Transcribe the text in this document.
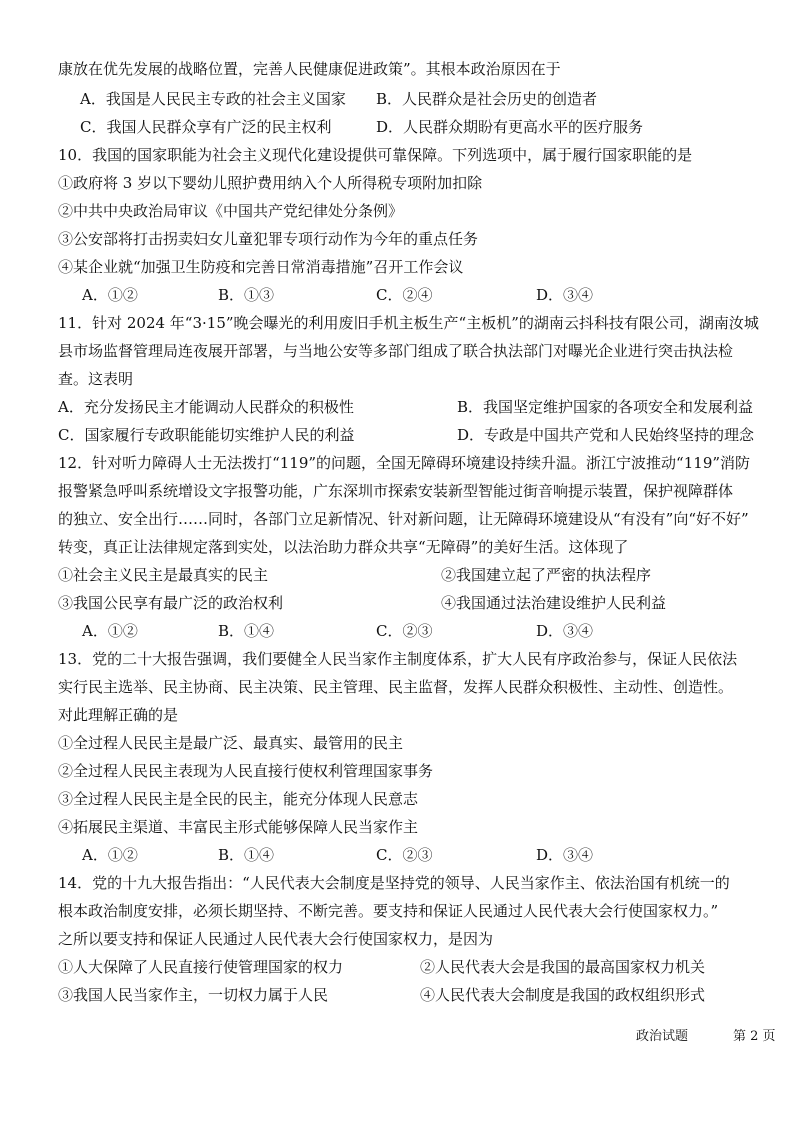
康放在优先发展的战略位置，完善人民健康促进政策”。其根本政治原因在于
A．我国是人民民主专政的社会主义国家 B．人民群众是社会历史的创造者
C．我国人民群众享有广泛的民主权利	D．人民群众期盼有更高水平的医疗服务
10．我国的国家职能为社会主义现代化建设提供可靠保障。下列选项中，属于履行国家职能的是
①政府将 3 岁以下婴幼儿照护费用纳入个人所得税专项附加扣除
②中共中央政治局审议《中国共产党纪律处分条例》
③公安部将打击拐卖妇女儿童犯罪专项行动作为今年的重点任务
④某企业就“加强卫生防疫和完善日常消毒措施”召开工作会议
A．①②	B．①③	C．②④	D．③④
11．针对 2024 年“3·15”晚会曝光的利用废旧手机主板生产“主板机”的湖南云抖科技有限公司，湖南汝城
县市场监督管理局连夜展开部署，与当地公安等多部门组成了联合执法部门对曝光企业进行突击执法检
查。这表明
A．充分发扬民主才能调动人民群众的积极性	B．我国坚定维护国家的各项安全和发展利益
C．国家履行专政职能能切实维护人民的利益	D．专政是中国共产党和人民始终坚持的理念
12．针对听力障碍人士无法拨打“119”的问题，全国无障碍环境建设持续升温。浙江宁波推动“119”消防
报警紧急呼叫系统增设文字报警功能，广东深圳市探索安装新型智能过街音响提示装置，保护视障群体
的独立、安全出行……同时，各部门立足新情况、针对新问题，让无障碍环境建设从“有没有”向“好不好”
转变，真正让法律规定落到实处，以法治助力群众共享“无障碍”的美好生活。这体现了
①社会主义民主是最真实的民主	②我国建立起了严密的执法程序
③我国公民享有最广泛的政治权利	④我国通过法治建设维护人民利益
A．①②	B．①④	C．②③	D．③④
13．党的二十大报告强调，我们要健全人民当家作主制度体系，扩大人民有序政治参与，保证人民依法
实行民主选举、民主协商、民主决策、民主管理、民主监督，发挥人民群众积极性、主动性、创造性。
对此理解正确的是
①全过程人民民主是最广泛、最真实、最管用的民主
②全过程人民民主表现为人民直接行使权利管理国家事务
③全过程人民民主是全民的民主，能充分体现人民意志
④拓展民主渠道、丰富民主形式能够保障人民当家作主
A．①②	B．①④	C．②③	D．③④
14．党的十九大报告指出：“人民代表大会制度是坚持党的领导、人民当家作主、依法治国有机统一的
根本政治制度安排，必须长期坚持、不断完善。要支持和保证人民通过人民代表大会行使国家权力。”
之所以要支持和保证人民通过人民代表大会行使国家权力，是因为
①人大保障了人民直接行使管理国家的权力	②人民代表大会是我国的最高国家权力机关
③我国人民当家作主，一切权力属于人民	④人民代表大会制度是我国的政权组织形式
政治试题	第 2 页
